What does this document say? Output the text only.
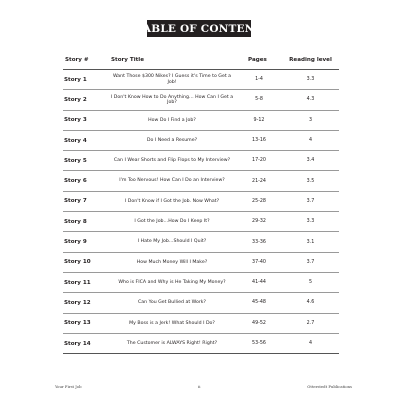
TABLE OF CONTENT
Story #	Story Title	Pages	Reading level
Story 1	Want Those $300 Nikes? I Guess it's Time to Get a Job!	1-4	3.3
Story 2	I Don't Know How to Do Anything… How Can I Get a Job?	5-8	4.3
Story 3	How Do I Find a Job?	9-12	3
Story 4	Do I Need a Resume?	13-16	4
Story 5	Can I Wear Shorts and Flip Flops to My Interview?	17-20	3.4
Story 6	I'm Too Nervous! How Can I Do an Interview?	21-24	3.5
Story 7	I Don't Know if I Got the Job. Now What?	25-28	3.7
Story 8	I Got the Job…How Do I Keep It?	29-32	3.3
Story 9	I Hate My Job…Should I Quit?	33-36	3.1
Story 10	How Much Money Will I Make?	37-40	3.7
Story 11	Who is FICA and Why is He Taking My Money?	41-44	5
Story 12	Can You Get Bullied at Work?	45-48	4.6
Story 13	My Boss is a Jerk! What Should I Do?	49-52	2.7
Story 14	The Customer is ALWAYS Right! Right?	53-56	4
Your First Job	ii	Otterstedt Publications
